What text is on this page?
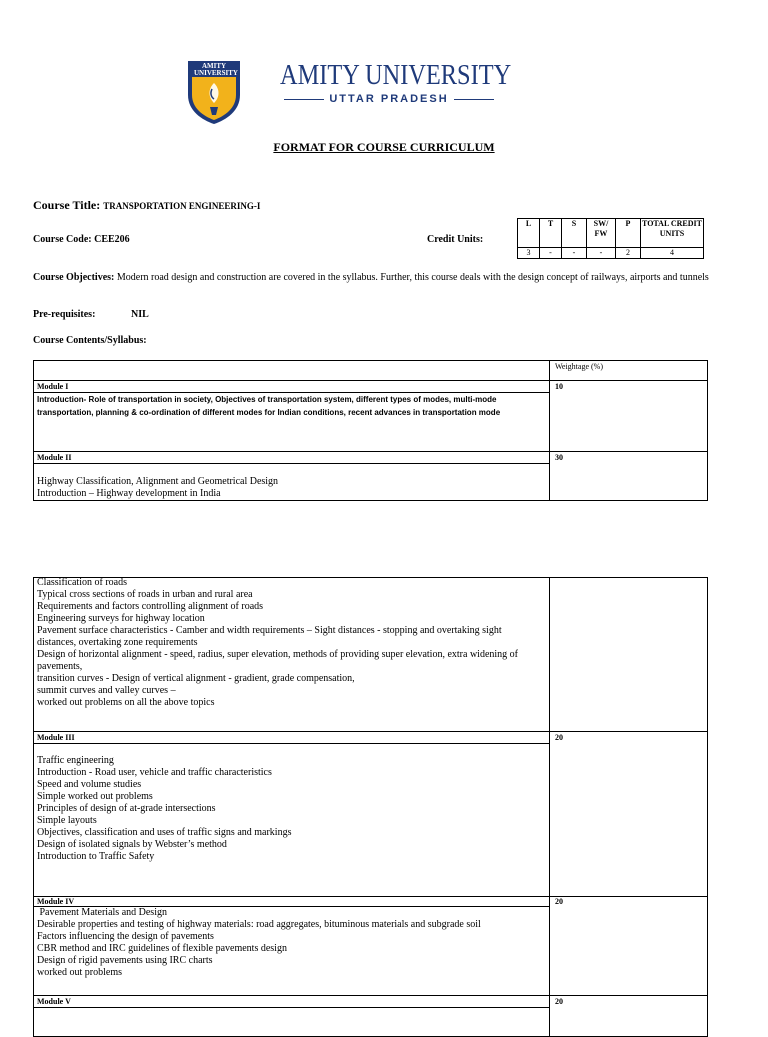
AMITY UNIVERSITY AMITY UNIVERSITY
UTTAR PRADESH
FORMAT FOR COURSE CURRICULUM
Course Title: TRANSPORTATION ENGINEERING-I
Course Code: CEE206	Credit Units:
L	T	S	SW/ FW	P	TOTAL CREDIT UNITS
3	-	-	-	2	4
Course Objectives: Modern road design and construction are covered in the syllabus. Further, this course deals with the design concept of railways, airports and tunnels
Pre-requisites:	NIL
Course Contents/Syllabus:
Weightage (%)
Module I	10
Introduction- Role of transportation in society, Objectives of transportation system, different types of modes, multi-mode transportation, planning & co-ordination of different modes for Indian conditions, recent advances in transportation mode
Module II	30
Highway Classification, Alignment and Geometrical Design
Introduction – Highway development in India
Classification of roads
Typical cross sections of roads in urban and rural area
Requirements and factors controlling alignment of roads
Engineering surveys for highway location
Pavement surface characteristics - Camber and width requirements – Sight distances - stopping and overtaking sight
distances, overtaking zone requirements
Design of horizontal alignment - speed, radius, super elevation, methods of providing super elevation, extra widening of
pavements,
transition curves - Design of vertical alignment - gradient, grade compensation,
summit curves and valley curves –
worked out problems on all the above topics
Module III	20
Traffic engineering
Introduction - Road user, vehicle and traffic characteristics
Speed and volume studies
Simple worked out problems
Principles of design of at-grade intersections
Simple layouts
Objectives, classification and uses of traffic signs and markings
Design of isolated signals by Webster’s method
Introduction to Traffic Safety
Module IV	20
Pavement Materials and Design
Desirable properties and testing of highway materials: road aggregates, bituminous materials and subgrade soil
Factors influencing the design of pavements
CBR method and IRC guidelines of flexible pavements design
Design of rigid pavements using IRC charts
worked out problems
Module V	20
